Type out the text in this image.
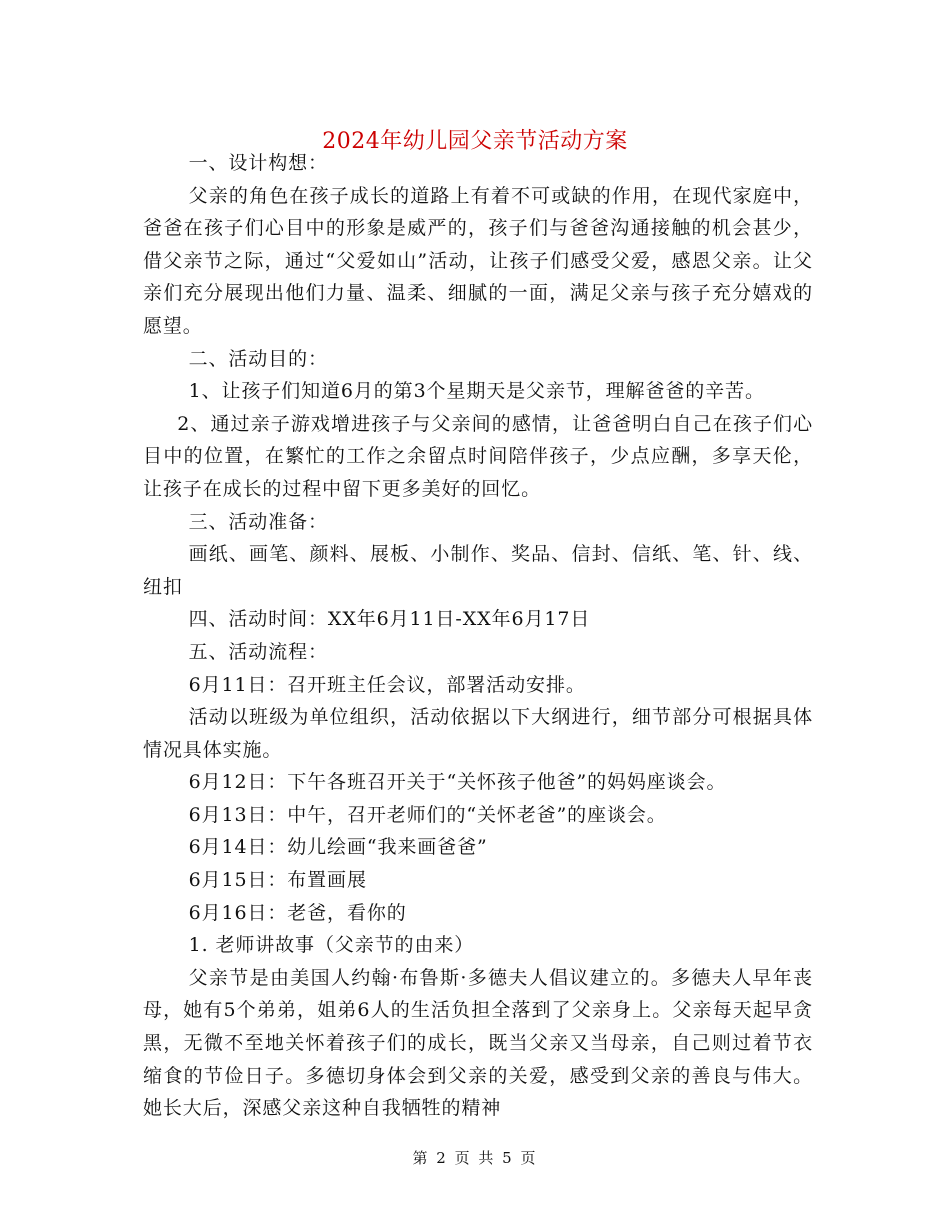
2024年幼儿园父亲节活动方案

一、设计构想：

父亲的角色在孩子成长的道路上有着不可或缺的作用，在现代家庭中，爸爸在孩子们心目中的形象是威严的，孩子们与爸爸沟通接触的机会甚少，借父亲节之际，通过“父爱如山”活动，让孩子们感受父爱，感恩父亲。让父亲们充分展现出他们力量、温柔、细腻的一面，满足父亲与孩子充分嬉戏的愿望。

二、活动目的：

1、让孩子们知道6月的第3个星期天是父亲节，理解爸爸的辛苦。

2、通过亲子游戏增进孩子与父亲间的感情，让爸爸明白自己在孩子们心目中的位置，在繁忙的工作之余留点时间陪伴孩子，少点应酬，多享天伦，让孩子在成长的过程中留下更多美好的回忆。

三、活动准备：

画纸、画笔、颜料、展板、小制作、奖品、信封、信纸、笔、针、线、纽扣

四、活动时间：XX年6月11日-XX年6月17日

五、活动流程：

6月11日：召开班主任会议，部署活动安排。

活动以班级为单位组织，活动依据以下大纲进行，细节部分可根据具体情况具体实施。

6月12日：下午各班召开关于“关怀孩子他爸”的妈妈座谈会。

6月13日：中午，召开老师们的“关怀老爸”的座谈会。

6月14日：幼儿绘画“我来画爸爸”

6月15日：布置画展

6月16日：老爸，看你的

1. 老师讲故事（父亲节的由来）

父亲节是由美国人约翰·布鲁斯·多德夫人倡议建立的。多德夫人早年丧母，她有5个弟弟，姐弟6人的生活负担全落到了父亲身上。父亲每天起早贪黑，无微不至地关怀着孩子们的成长，既当父亲又当母亲，自己则过着节衣缩食的节俭日子。多德切身体会到父亲的关爱，感受到父亲的善良与伟大。她长大后，深感父亲这种自我牺牲的精神

第 2 页 共 5 页
